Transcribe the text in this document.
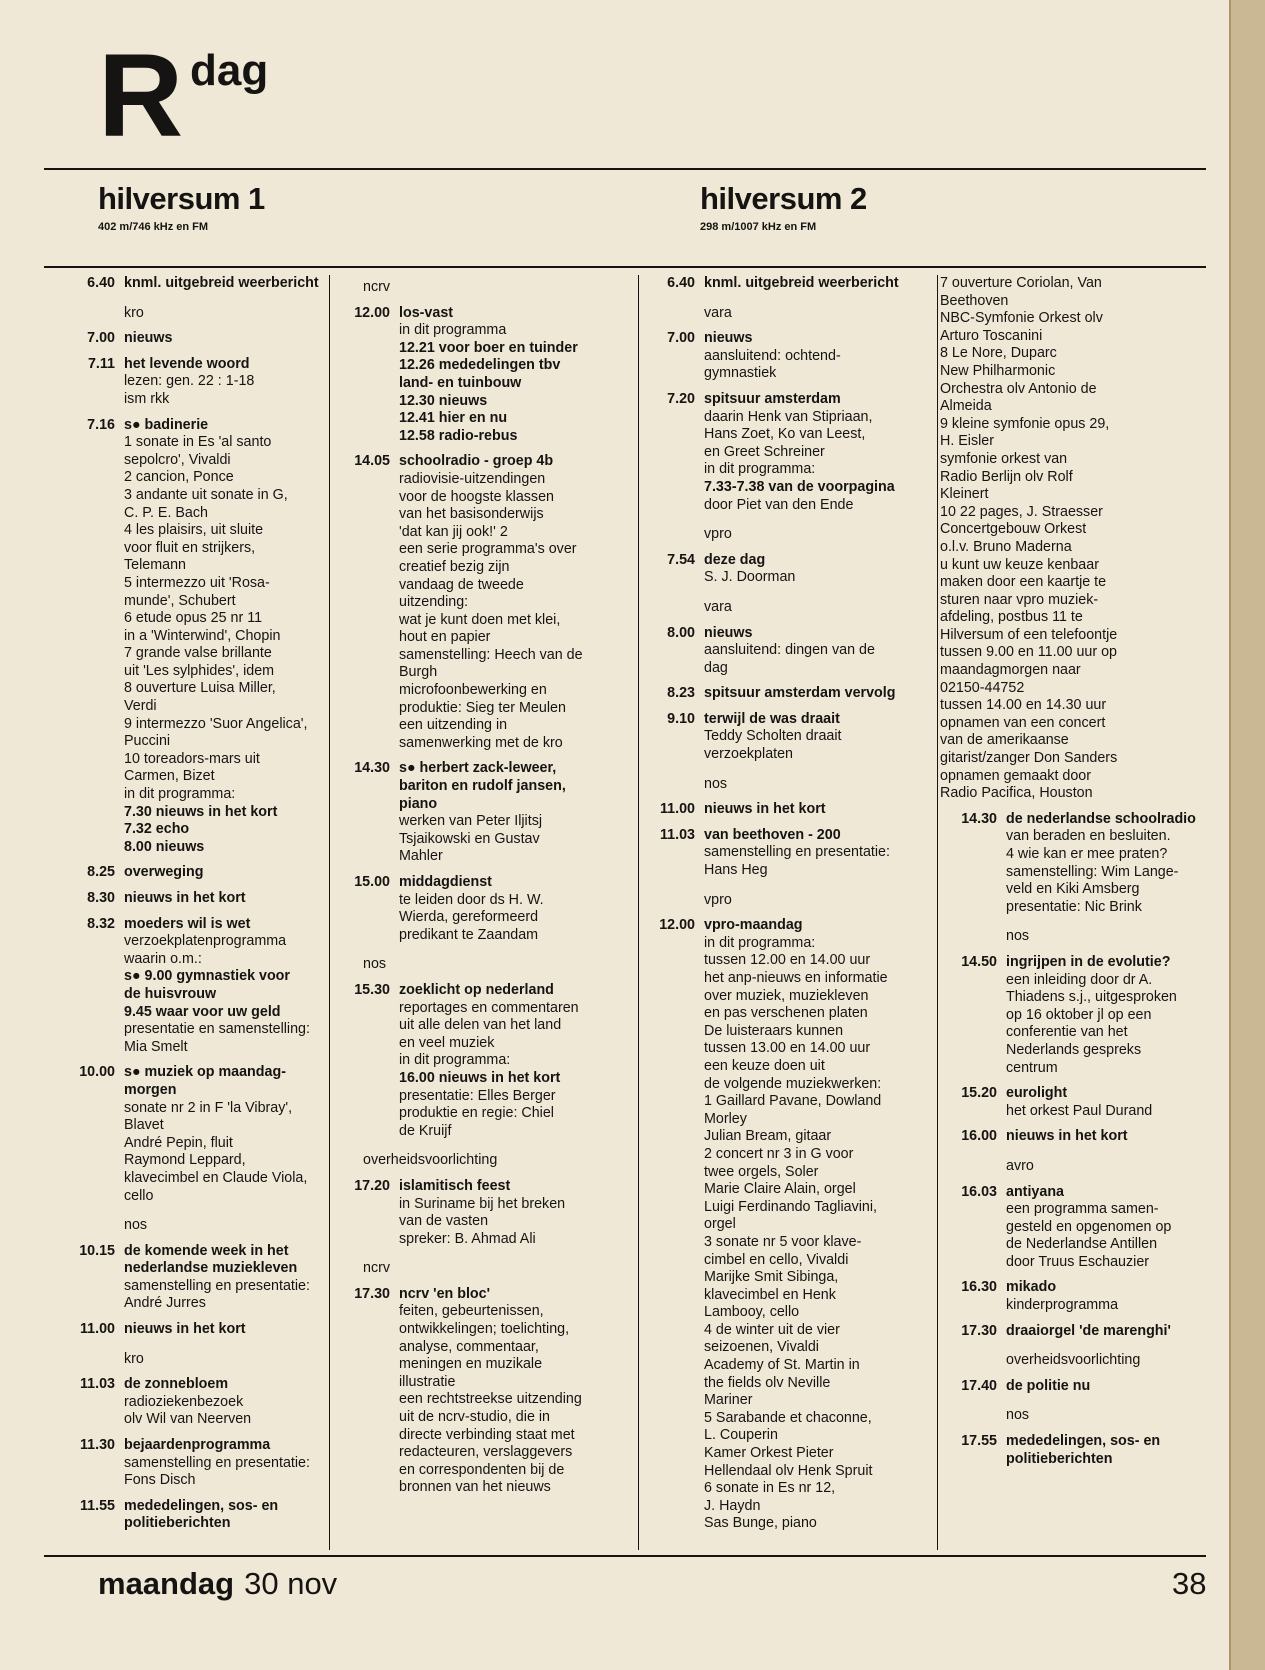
R dag
hilversum 1
402 m/746 kHz en FM
hilversum 2
298 m/1007 kHz en FM
6.40 knml. uitgebreid weerbericht
kro
7.00 nieuws
7.11 het levende woord
lezen: gen. 22 : 1-18
ism rkk
7.16 s● badinerie
1 sonate in Es 'al santo
sepolcro', Vivaldi
2 cancion, Ponce
3 andante uit sonate in G,
C. P. E. Bach
4 les plaisirs, uit sluite
voor fluit en strijkers,
Telemann
5 intermezzo uit 'Rosa-
munde', Schubert
6 etude opus 25 nr 11
in a 'Winterwind', Chopin
7 grande valse brillante
uit 'Les sylphides', idem
8 ouverture Luisa Miller,
Verdi
9 intermezzo 'Suor Angelica',
Puccini
10 toreadors-mars uit
Carmen, Bizet
in dit programma:
7.30 nieuws in het kort
7.32 echo
8.00 nieuws
8.25 overweging
8.30 nieuws in het kort
8.32 moeders wil is wet
verzoekplatenprogramma
waarin o.m.:
s● 9.00 gymnastiek voor
de huisvrouw
9.45 waar voor uw geld
presentatie en samenstelling:
Mia Smelt
10.00 s● muziek op maandag-
morgen
sonate nr 2 in F 'la Vibray',
Blavet
André Pepin, fluit
Raymond Leppard,
klavecimbel en Claude Viola,
cello
nos
10.15 de komende week in het
nederlandse muziekleven
samenstelling en presentatie:
André Jurres
11.00 nieuws in het kort
kro
11.03 de zonnebloem
radioziekenbezoek
olv Wil van Neerven
11.30 bejaardenprogramma
samenstelling en presentatie:
Fons Disch
11.55 mededelingen, sos- en
politieberichten
ncrv
12.00 los-vast
in dit programma
12.21 voor boer en tuinder
12.26 mededelingen tbv
land- en tuinbouw
12.30 nieuws
12.41 hier en nu
12.58 radio-rebus
14.05 schoolradio - groep 4b
radiovisie-uitzendingen
voor de hoogste klassen
van het basisonderwijs
'dat kan jij ook!' 2
een serie programma's over
creatief bezig zijn
vandaag de tweede
uitzending:
wat je kunt doen met klei,
hout en papier
samenstelling: Heech van de
Burgh
microfoonbewerking en
produktie: Sieg ter Meulen
een uitzending in
samenwerking met de kro
14.30 s● herbert zack-leweer,
bariton en rudolf jansen,
piano
werken van Peter Iljitsj
Tsjaikowski en Gustav
Mahler
15.00 middagdienst
te leiden door ds H. W.
Wierda, gereformeerd
predikant te Zaandam
nos
15.30 zoeklicht op nederland
reportages en commentaren
uit alle delen van het land
en veel muziek
in dit programma:
16.00 nieuws in het kort
presentatie: Elles Berger
produktie en regie: Chiel
de Kruijf
overheidsvoorlichting
17.20 islamitisch feest
in Suriname bij het breken
van de vasten
spreker: B. Ahmad Ali
ncrv
17.30 ncrv 'en bloc'
feiten, gebeurtenissen,
ontwikkelingen; toelichting,
analyse, commentaar,
meningen en muzikale
illustratie
een rechtstreekse uitzending
uit de ncrv-studio, die in
directe verbinding staat met
redacteuren, verslaggevers
en correspondenten bij de
bronnen van het nieuws
6.40 knml. uitgebreid weerbericht
vara
7.00 nieuws
aansluitend: ochtend-
gymnastiek
7.20 spitsuur amsterdam
daarin Henk van Stipriaan,
Hans Zoet, Ko van Leest,
en Greet Schreiner
in dit programma:
7.33-7.38 van de voorpagina
door Piet van den Ende
vpro
7.54 deze dag
S. J. Doorman
vara
8.00 nieuws
aansluitend: dingen van de
dag
8.23 spitsuur amsterdam vervolg
9.10 terwijl de was draait
Teddy Scholten draait
verzoekplaten
nos
11.00 nieuws in het kort
11.03 van beethoven - 200
samenstelling en presentatie:
Hans Heg
vpro
12.00 vpro-maandag
in dit programma:
tussen 12.00 en 14.00 uur
het anp-nieuws en informatie
over muziek, muziekleven
en pas verschenen platen
De luisteraars kunnen
tussen 13.00 en 14.00 uur
een keuze doen uit
de volgende muziekwerken:
1 Gaillard Pavane, Dowland
Morley
Julian Bream, gitaar
2 concert nr 3 in G voor
twee orgels, Soler
Marie Claire Alain, orgel
Luigi Ferdinando Tagliavini,
orgel
3 sonate nr 5 voor klave-
cimbel en cello, Vivaldi
Marijke Smit Sibinga,
klavecimbel en Henk
Lambooy, cello
4 de winter uit de vier
seizoenen, Vivaldi
Academy of St. Martin in
the fields olv Neville
Mariner
5 Sarabande et chaconne,
L. Couperin
Kamer Orkest Pieter
Hellendaal olv Henk Spruit
6 sonate in Es nr 12,
J. Haydn
Sas Bunge, piano
7 ouverture Coriolan, Van
Beethoven
NBC-Symfonie Orkest olv
Arturo Toscanini
8 Le Nore, Duparc
New Philharmonic
Orchestra olv Antonio de
Almeida
9 kleine symfonie opus 29,
H. Eisler
symfonie orkest van
Radio Berlijn olv Rolf
Kleinert
10 22 pages, J. Straesser
Concertgebouw Orkest
o.l.v. Bruno Maderna
u kunt uw keuze kenbaar
maken door een kaartje te
sturen naar vpro muziek-
afdeling, postbus 11 te
Hilversum of een telefoontje
tussen 9.00 en 11.00 uur op
maandagmorgen naar
02150-44752
tussen 14.00 en 14.30 uur
opnamen van een concert
van de amerikaanse
gitarist/zanger Don Sanders
opnamen gemaakt door
Radio Pacifica, Houston
14.30 de nederlandse schoolradio
van beraden en besluiten.
4 wie kan er mee praten?
samenstelling: Wim Lange-
veld en Kiki Amsberg
presentatie: Nic Brink
nos
14.50 ingrijpen in de evolutie?
een inleiding door dr A.
Thiadens s.j., uitgesproken
op 16 oktober jl op een
conferentie van het
Nederlands gespreks
centrum
15.20 eurolight
het orkest Paul Durand
16.00 nieuws in het kort
avro
16.03 antiyana
een programma samen-
gesteld en opgenomen op
de Nederlandse Antillen
door Truus Eschauzier
16.30 mikado
kinderprogramma
17.30 draaiorgel 'de marenghi'
overheidsvoorlichting
17.40 de politie nu
nos
17.55 mededelingen, sos- en
politieberichten
maandag 30 nov	38
